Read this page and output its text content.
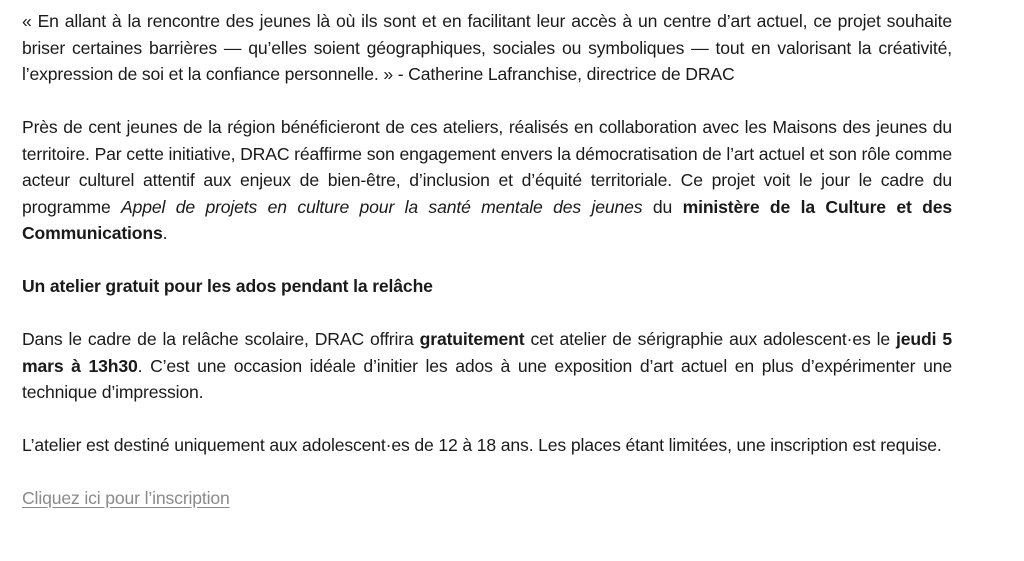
« En allant à la rencontre des jeunes là où ils sont et en facilitant leur accès à un centre d’art actuel, ce projet souhaite briser certaines barrières — qu’elles soient géographiques, sociales ou symboliques — tout en valorisant la créativité, l’expression de soi et la confiance personnelle. » - Catherine Lafranchise, directrice de DRAC

Près de cent jeunes de la région bénéficieront de ces ateliers, réalisés en collaboration avec les Maisons des jeunes du territoire. Par cette initiative, DRAC réaffirme son engagement envers la démocratisation de l’art actuel et son rôle comme acteur culturel attentif aux enjeux de bien-être, d’inclusion et d’équité territoriale. Ce projet voit le jour le cadre du programme Appel de projets en culture pour la santé mentale des jeunes du ministère de la Culture et des Communications.

Un atelier gratuit pour les ados pendant la relâche

Dans le cadre de la relâche scolaire, DRAC offrira gratuitement cet atelier de sérigraphie aux adolescent·es le jeudi 5 mars à 13h30. C’est une occasion idéale d’initier les ados à une exposition d’art actuel en plus d’expérimenter une technique d’impression.

L’atelier est destiné uniquement aux adolescent·es de 12 à 18 ans. Les places étant limitées, une inscription est requise.

Cliquez ici pour l’inscription
